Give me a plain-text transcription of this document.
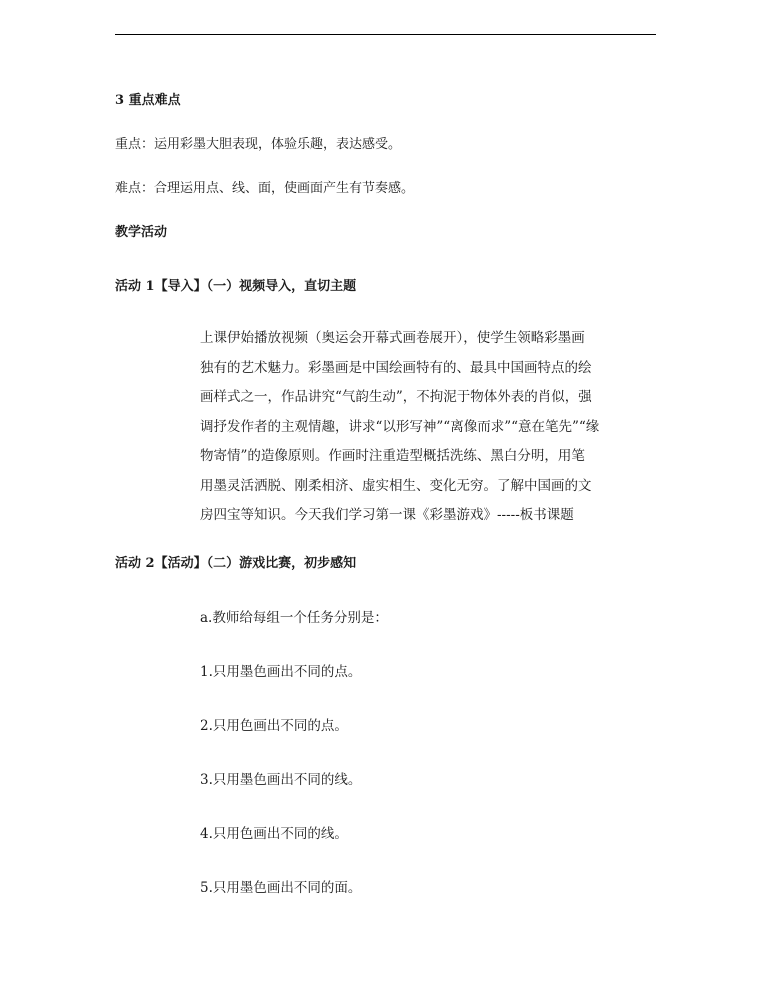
3 重点难点
重点：运用彩墨大胆表现，体验乐趣，表达感受。
难点：合理运用点、线、面，使画面产生有节奏感。
教学活动
活动 1【导入】（一）视频导入，直切主题
上课伊始播放视频（奥运会开幕式画卷展开），使学生领略彩墨画
独有的艺术魅力。彩墨画是中国绘画特有的、最具中国画特点的绘
画样式之一，作品讲究“气韵生动”，不拘泥于物体外表的肖似，强
调抒发作者的主观情趣，讲求“以形写神”“离像而求”“意在笔先”“缘
物寄情”的造像原则。作画时注重造型概括洗练、黑白分明，用笔
用墨灵活洒脱、刚柔相济、虚实相生、变化无穷。了解中国画的文
房四宝等知识。今天我们学习第一课《彩墨游戏》-----板书课题
活动 2【活动】（二）游戏比赛，初步感知
a.教师给每组一个任务分别是：
1.只用墨色画出不同的点。
2.只用色画出不同的点。
3.只用墨色画出不同的线。
4.只用色画出不同的线。
5.只用墨色画出不同的面。
